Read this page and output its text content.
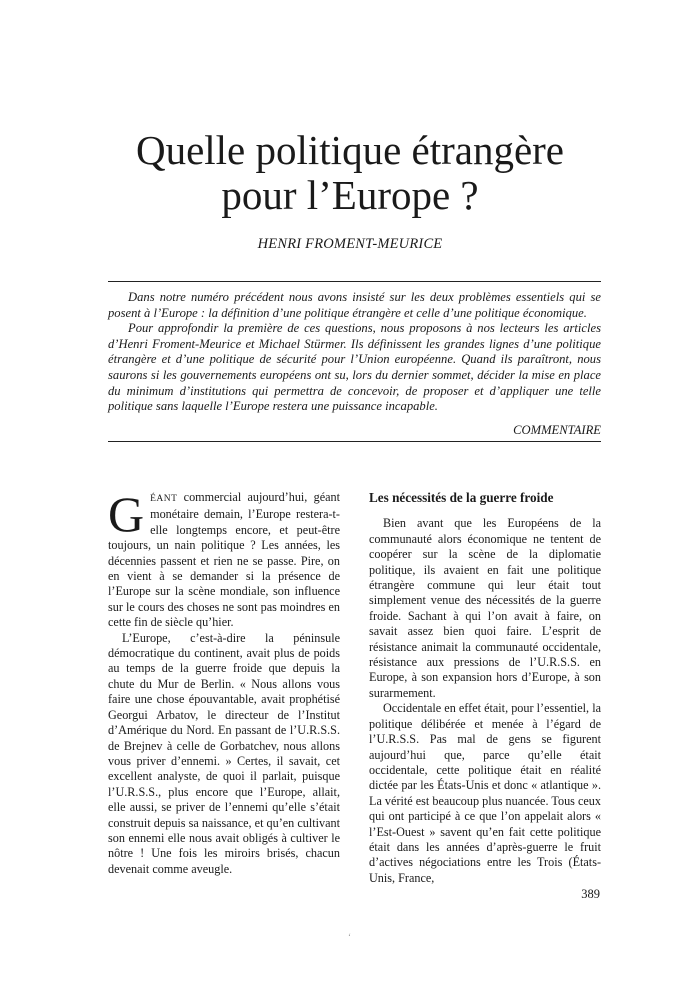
Quelle politique étrangère
pour l’Europe ?
HENRI FROMENT-MEURICE

Dans notre numéro précédent nous avons insisté sur les deux problèmes essentiels qui se posent à l’Europe : la définition d’une politique étrangère et celle d’une politique économique.

Pour approfondir la première de ces questions, nous proposons à nos lecteurs les articles d’Henri Froment-Meurice et Michael Stürmer. Ils définissent les grandes lignes d’une politique étrangère et d’une politique de sécurité pour l’Union européenne. Quand ils paraîtront, nous saurons si les gouvernements européens ont su, lors du dernier sommet, décider la mise en place du minimum d’institutions qui permettra de concevoir, de proposer et d’appliquer une telle politique sans laquelle l’Europe restera une puissance incapable.

COMMENTAIRE

GÉANT commercial aujourd’hui, géant monétaire demain, l’Europe restera-t-elle longtemps encore, et peut-être toujours, un nain politique ? Les années, les décennies passent et rien ne se passe. Pire, on en vient à se demander si la présence de l’Europe sur la scène mondiale, son influence sur le cours des choses ne sont pas moindres en cette fin de siècle qu’hier.

L’Europe, c’est-à-dire la péninsule démocratique du continent, avait plus de poids au temps de la guerre froide que depuis la chute du Mur de Berlin. « Nous allons vous faire une chose épouvantable, avait prophétisé Georgui Arbatov, le directeur de l’Institut d’Amérique du Nord. En passant de l’U.R.S.S. de Brejnev à celle de Gorbatchev, nous allons vous priver d’ennemi. » Certes, il savait, cet excellent analyste, de quoi il parlait, puisque l’U.R.S.S., plus encore que l’Europe, allait, elle aussi, se priver de l’ennemi qu’elle s’était construit depuis sa naissance, et qu’en cultivant son ennemi elle nous avait obligés à cultiver le nôtre ! Une fois les miroirs brisés, chacun devenait comme aveugle.

Les nécessités de la guerre froide

Bien avant que les Européens de la communauté alors économique ne tentent de coopérer sur la scène de la diplomatie politique, ils avaient en fait une politique étrangère commune qui leur était tout simplement venue des nécessités de la guerre froide. Sachant à qui l’on avait à faire, on savait assez bien quoi faire. L’esprit de résistance animait la communauté occidentale, résistance aux pressions de l’U.R.S.S. en Europe, à son expansion hors d’Europe, à son surarmement.

Occidentale en effet était, pour l’essentiel, la politique délibérée et menée à l’égard de l’U.R.S.S. Pas mal de gens se figurent aujourd’hui que, parce qu’elle était occidentale, cette politique était en réalité dictée par les États-Unis et donc « atlantique ». La vérité est beaucoup plus nuancée. Tous ceux qui ont participé à ce que l’on appelait alors « l’Est-Ouest » savent qu’en fait cette politique était dans les années d’après-guerre le fruit d’actives négociations entre les Trois (États-Unis, France,

389
ʻ
